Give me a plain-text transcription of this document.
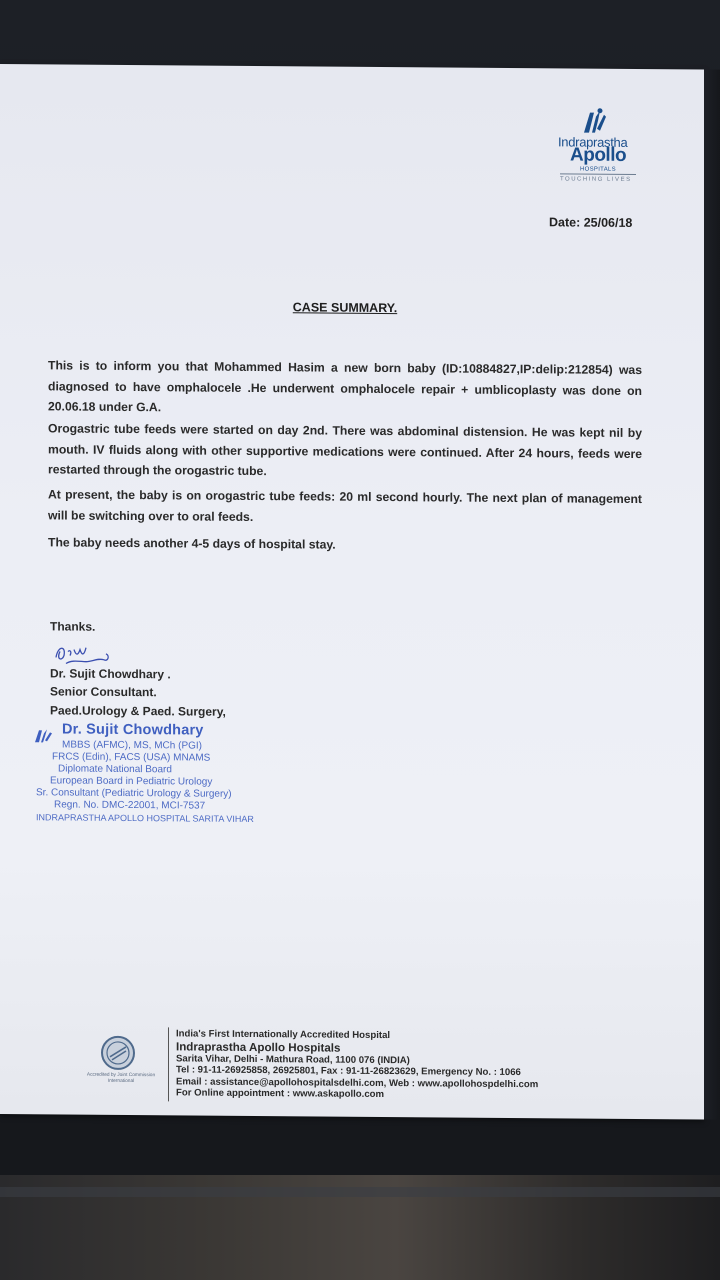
Indraprastha
Apollo
HOSPITALS
TOUCHING LIVES
Date: 25/06/18
CASE SUMMARY.
This is to inform you that Mohammed Hasim a new born baby (ID:10884827,IP:delip:212854) was diagnosed to have omphalocele .He underwent omphalocele repair + umblicoplasty was done on 20.06.18 under G.A.
Orogastric tube feeds were started on day 2nd. There was abdominal distension. He was kept nil by mouth. IV fluids along with other supportive medications were continued. After 24 hours, feeds were restarted through the orogastric tube.
At present, the baby is on orogastric tube feeds: 20 ml second hourly. The next plan of management will be switching over to oral feeds.
The baby needs another 4-5 days of hospital stay.
Thanks.
Dr. Sujit Chowdhary .
Senior Consultant.
Paed.Urology & Paed. Surgery,
Dr. Sujit Chowdhary
MBBS (AFMC), MS, MCh (PGI)
FRCS (Edin), FACS (USA) MNAMS
Diplomate National Board
European Board in Pediatric Urology
Sr. Consultant (Pediatric Urology & Surgery)
Regn. No. DMC-22001, MCI-7537
INDRAPRASTHA APOLLO HOSPITAL SARITA VIHAR
Accredited by Joint Commission International
India's First Internationally Accredited Hospital
Indraprastha Apollo Hospitals
Sarita Vihar, Delhi - Mathura Road, 1100 076 (INDIA)
Tel : 91-11-26925858, 26925801, Fax : 91-11-26823629, Emergency No. : 1066
Email : assistance@apollohospitalsdelhi.com, Web : www.apollohospdelhi.com
For Online appointment : www.askapollo.com
